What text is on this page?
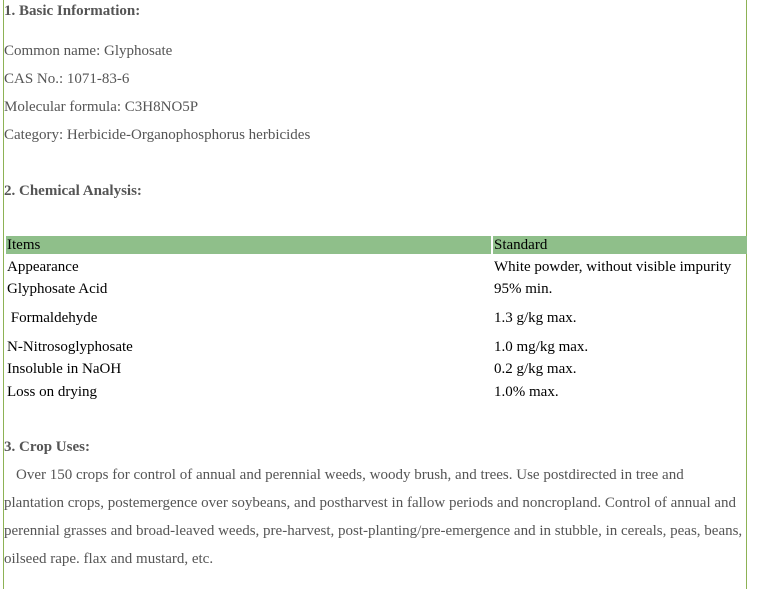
1. Basic Information:
Common name: Glyphosate
CAS No.: 1071-83-6
Molecular formula: C3H8NO5P
Category: Herbicide-Organophosphorus herbicides
2. Chemical Analysis:
Items	Standard
Appearance	White powder, without visible impurity
Glyphosate Acid	95% min.
Formaldehyde	1.3 g/kg max.
N-Nitrosoglyphosate	1.0 mg/kg max.
Insoluble in NaOH	0.2 g/kg max.
Loss on drying	1.0% max.
3. Crop Uses:
Over 150 crops for control of annual and perennial weeds, woody brush, and trees. Use postdirected in tree and plantation crops, postemergence over soybeans, and postharvest in fallow periods and noncropland. Control of annual and perennial grasses and broad-leaved weeds, pre-harvest, post-planting/pre-emergence and in stubble, in cereals, peas, beans, oilseed rape. flax and mustard, etc.
